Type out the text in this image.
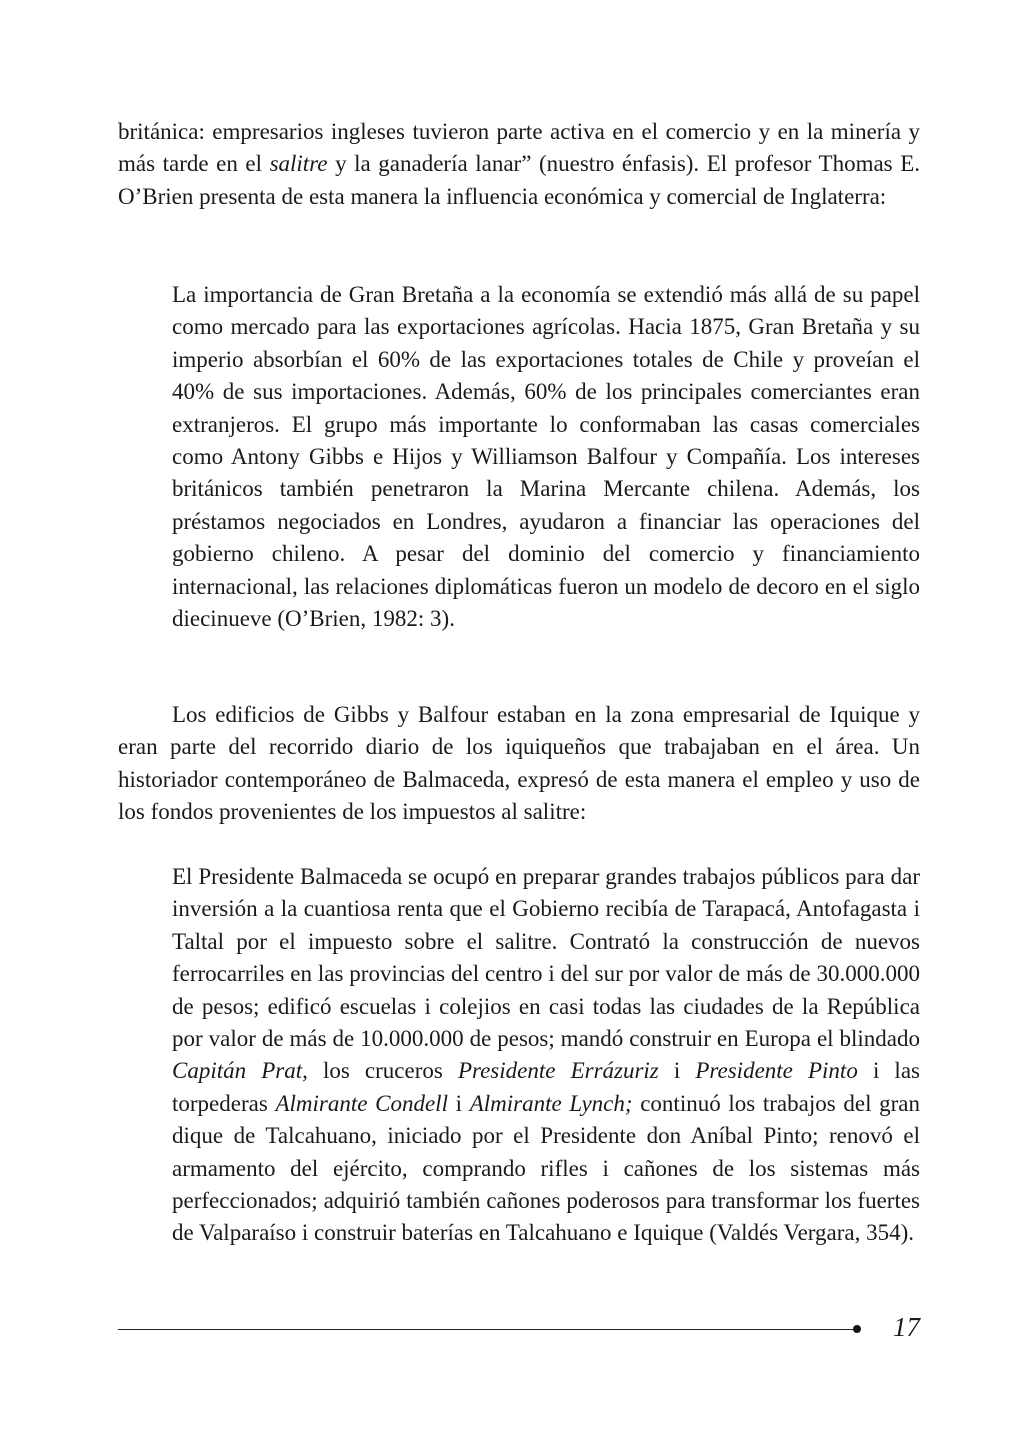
británica: empresarios ingleses tuvieron parte activa en el comercio y en la minería y más tarde en el salitre y la ganadería lanar” (nuestro énfasis). El profesor Thomas E. O’Brien presenta de esta manera la influencia económica y comercial de Inglaterra:

La importancia de Gran Bretaña a la economía se extendió más allá de su papel como mercado para las exportaciones agrícolas. Hacia 1875, Gran Bretaña y su imperio absorbían el 60% de las exportaciones totales de Chile y proveían el 40% de sus importaciones. Además, 60% de los principales comerciantes eran extranjeros. El grupo más importante lo conformaban las casas comerciales como Antony Gibbs e Hijos y Williamson Balfour y Compañía. Los intereses británicos también penetraron la Marina Mercante chilena. Además, los préstamos negociados en Londres, ayudaron a financiar las operaciones del gobierno chileno. A pesar del dominio del comercio y financiamiento internacional, las relaciones diplomáticas fueron un modelo de decoro en el siglo diecinueve (O’Brien, 1982: 3).

Los edificios de Gibbs y Balfour estaban en la zona empresarial de Iquique y eran parte del recorrido diario de los iquiqueños que trabajaban en el área. Un historiador contemporáneo de Balmaceda, expresó de esta manera el empleo y uso de los fondos provenientes de los impuestos al salitre:

El Presidente Balmaceda se ocupó en preparar grandes trabajos públicos para dar inversión a la cuantiosa renta que el Gobierno recibía de Tarapacá, Antofagasta i Taltal por el impuesto sobre el salitre. Contrató la construcción de nuevos ferrocarriles en las provincias del centro i del sur por valor de más de 30.000.000 de pesos; edificó escuelas i colejios en casi todas las ciudades de la República por valor de más de 10.000.000 de pesos; mandó construir en Europa el blindado Capitán Prat, los cruceros Presidente Errázuriz i Presidente Pinto i las torpederas Almirante Condell i Almirante Lynch; continuó los trabajos del gran dique de Talcahuano, iniciado por el Presidente don Aníbal Pinto; renovó el armamento del ejército, comprando rifles i cañones de los sistemas más perfeccionados; adquirió también cañones poderosos para transformar los fuertes de Valparaíso i construir baterías en Talcahuano e Iquique (Valdés Vergara, 354).

17
